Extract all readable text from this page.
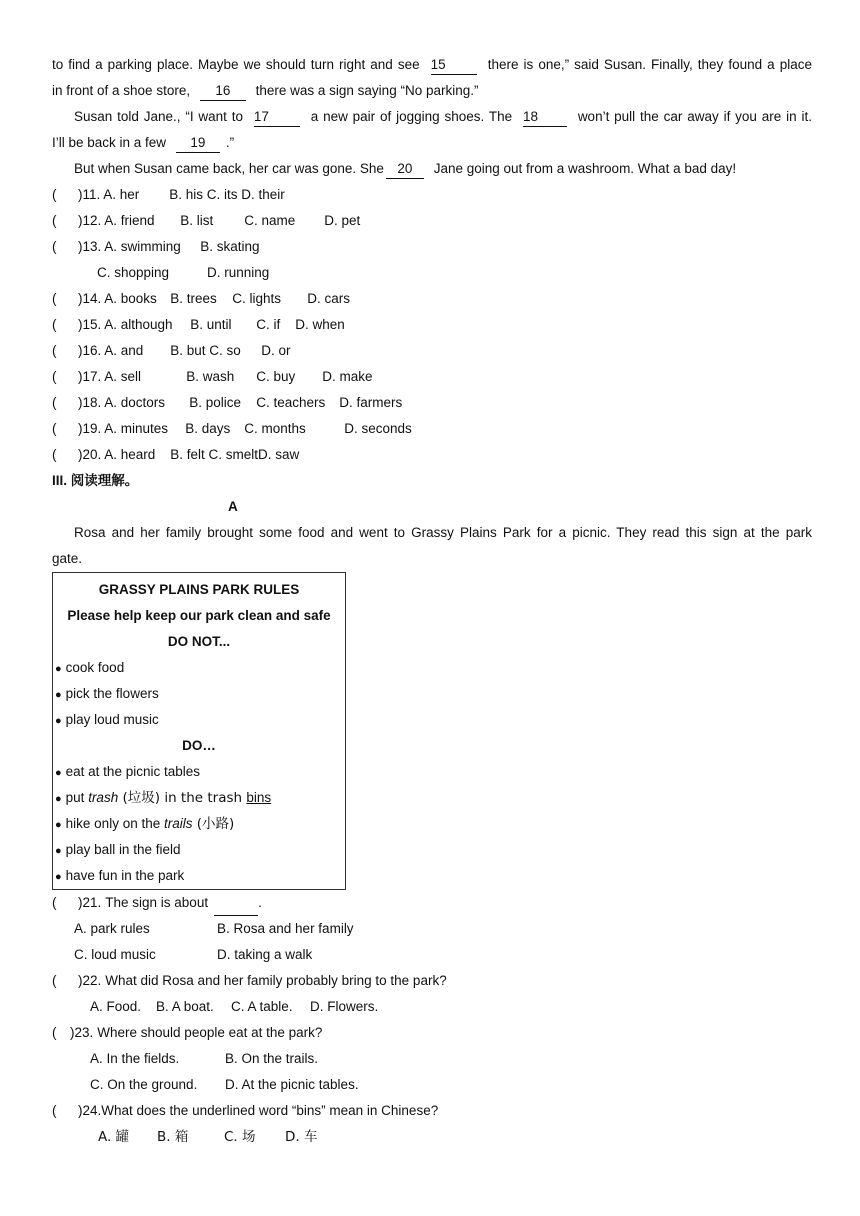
to find a parking place. Maybe we should turn right and see 15	there is one,” said Susan. Finally, they found a place
in front of a shoe store, 16 there was a sign saying “No parking.”
Susan told Jane., “I want to 17	a new pair of jogging shoes. The 18	won’t pull the car away if you are in it.
I’ll be back in a few 19 .”
But when Susan came back, her car was gone. She 20 Jane going out from a washroom. What a bad day!
(	)11. A. her	B. his C. its D. their
(	)12. A. friend	B. list	C. name	D. pet
(	)13. A. swimming	B. skating
C. shopping	D. running
(	)14. A. books B. trees	C. lights	D. cars
(	)15. A. although	B. until	C. if	D. when
(	)16. A. and	B. but C. so	D. or
(	)17. A. sell	B. wash	C. buy	D. make
(	)18. A. doctors	B. police	C. teachers	D. farmers
(	)19. A. minutes	B. days	C. months	D. seconds
(	)20. A. heard	B. felt C. smelt D. saw
III. 阅读理解。
A
Rosa and her family brought some food and went to Grassy Plains Park for a picnic. They read this sign at the park
gate.
GRASSY PLAINS PARK RULES
Please help keep our park clean and safe
DO NOT...
● cook food
● pick the flowers
● play loud music
DO…
● eat at the picnic tables
● put trash (垃圾) in the trash bins
● hike only on the trails (小路)
● play ball in the field
● have fun in the park
(	)21. The sign is about	.
A. park rules	B. Rosa and her family
C. loud music	D. taking a walk
(	)22. What did Rosa and her family probably bring to the park?
A. Food. B. A boat. C. A table. D. Flowers.
(	)23. Where should people eat at the park?
A. In the fields.	B. On the trails.
C. On the ground. D. At the picnic tables.
(	)24. What does the underlined word “bins” mean in Chinese?
A. 罐 B. 箱	C. 场 D. 车
